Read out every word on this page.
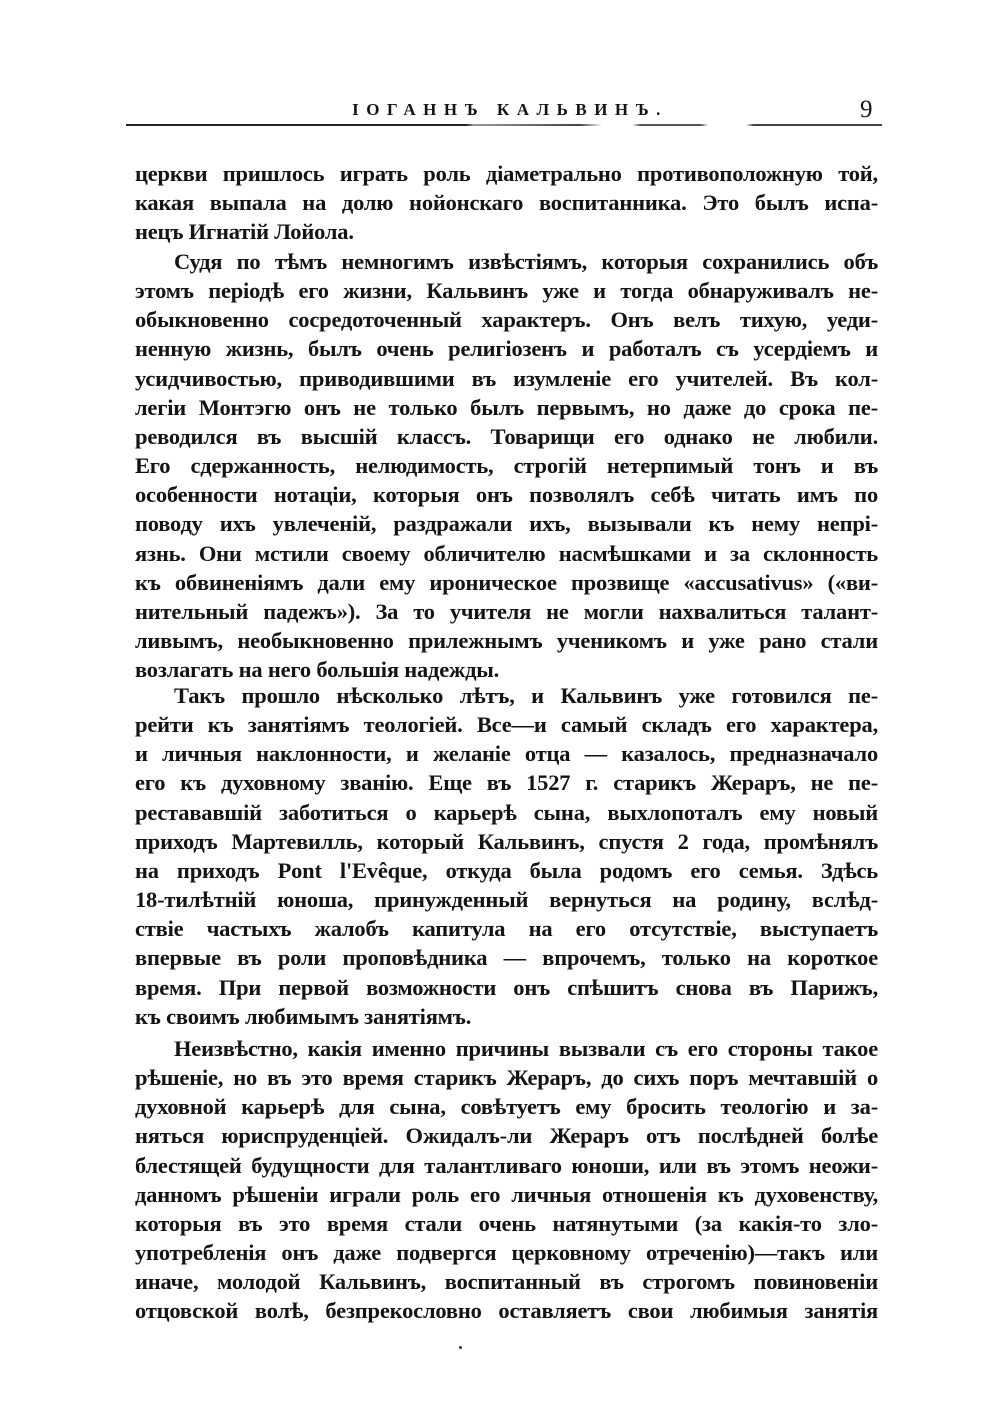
ІОГАННЪ КАЛЬВИНЪ.	9
церкви пришлось играть роль діаметрально противоположную той,
какая выпала на долю нойонскаго воспитанника. Это былъ испа-
нецъ Игнатій Лойола.
Судя по тѣмъ немногимъ извѣстіямъ, которыя сохранились объ
этомъ періодѣ его жизни, Кальвинъ уже и тогда обнаруживалъ не-
обыкновенно сосредоточенный характеръ. Онъ велъ тихую, уеди-
ненную жизнь, былъ очень религіозенъ и работалъ съ усердіемъ и
усидчивостью, приводившими въ изумленіе его учителей. Въ кол-
легіи Монтэгю онъ не только былъ первымъ, но даже до срока пе-
реводился въ высшій классъ. Товарищи его однако не любили.
Его сдержанность, нелюдимость, строгій нетерпимый тонъ и въ
особенности нотаціи, которыя онъ позволялъ себѣ читать имъ по
поводу ихъ увлеченій, раздражали ихъ, вызывали къ нему непрі-
язнь. Они мстили своему обличителю насмѣшками и за склонность
къ обвиненіямъ дали ему ироническое прозвище «accusativus» («ви-
нительный падежъ»). За то учителя не могли нахвалиться талант-
ливымъ, необыкновенно прилежнымъ ученикомъ и уже рано стали
возлагать на него большія надежды.
Такъ прошло нѣсколько лѣтъ, и Кальвинъ уже готовился пе-
рейти къ занятіямъ теологіей. Все—и самый складъ его характера,
и личныя наклонности, и желаніе отца — казалось, предназначало
его къ духовному званію. Еще въ 1527 г. старикъ Жераръ, не пе-
рестававшій заботиться о карьерѣ сына, выхлопоталъ ему новый
приходъ Мартевилль, который Кальвинъ, спустя 2 года, промѣнялъ
на приходъ Pont l'Evêque, откуда была родомъ его семья. Здѣсь
18-тилѣтній юноша, принужденный вернуться на родину, вслѣд-
ствіе частыхъ жалобъ капитула на его отсутствіе, выступаетъ
впервые въ роли проповѣдника — впрочемъ, только на короткое
время. При первой возможности онъ спѣшитъ снова въ Парижъ,
къ своимъ любимымъ занятіямъ.
Неизвѣстно, какія именно причины вызвали съ его стороны такое
рѣшеніе, но въ это время старикъ Жераръ, до сихъ поръ мечтавшій о
духовной карьерѣ для сына, совѣтуетъ ему бросить теологію и за-
няться юриспруденціей. Ожидалъ-ли Жераръ отъ послѣдней болѣе
блестящей будущности для талантливаго юноши, или въ этомъ неожи-
данномъ рѣшеніи играли роль его личныя отношенія къ духовенству,
которыя въ это время стали очень натянутыми (за какія-то зло-
употребленія онъ даже подвергся церковному отреченію)—такъ или
иначе, молодой Кальвинъ, воспитанный въ строгомъ повиновеніи
отцовской волѣ, безпрекословно оставляетъ свои любимыя занятія
